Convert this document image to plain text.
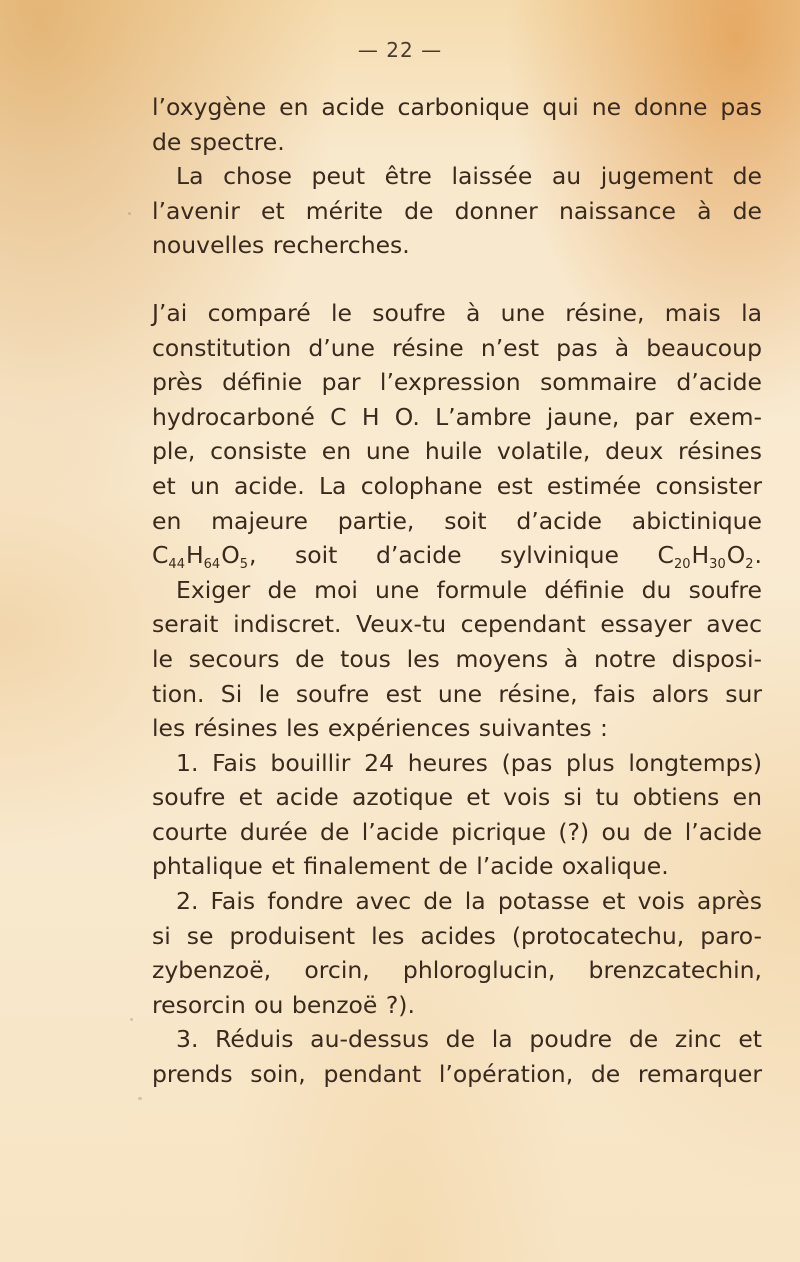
— 22 —
l’oxygène en acide carbonique qui ne donne pas
de spectre.
La chose peut être laissée au jugement de
l’avenir et mérite de donner naissance à de
nouvelles recherches.
J’ai comparé le soufre à une résine, mais la
constitution d’une résine n’est pas à beaucoup
près définie par l’expression sommaire d’acide
hydrocarboné C H O. L’ambre jaune, par exem-
ple, consiste en une huile volatile, deux résines
et un acide. La colophane est estimée consister
en majeure partie, soit d’acide abictinique
$C_{44}H_{64}O_5$, soit d’acide sylvinique $C_{20}H_{30}O_2$.
Exiger de moi une formule définie du soufre
serait indiscret. Veux-tu cependant essayer avec
le secours de tous les moyens à notre disposi-
tion. Si le soufre est une résine, fais alors sur
les résines les expériences suivantes :
1. Fais bouillir 24 heures (pas plus longtemps)
soufre et acide azotique et vois si tu obtiens en
courte durée de l’acide picrique (?) ou de l’acide
phtalique et finalement de l’acide oxalique.
2. Fais fondre avec de la potasse et vois après
si se produisent les acides (protocatechu, paro-
zybenzoë, orcin, phloroglucin, brenzcatechin,
resorcin ou benzoë ?).
3. Réduis au-dessus de la poudre de zinc et
prends soin, pendant l’opération, de remarquer
